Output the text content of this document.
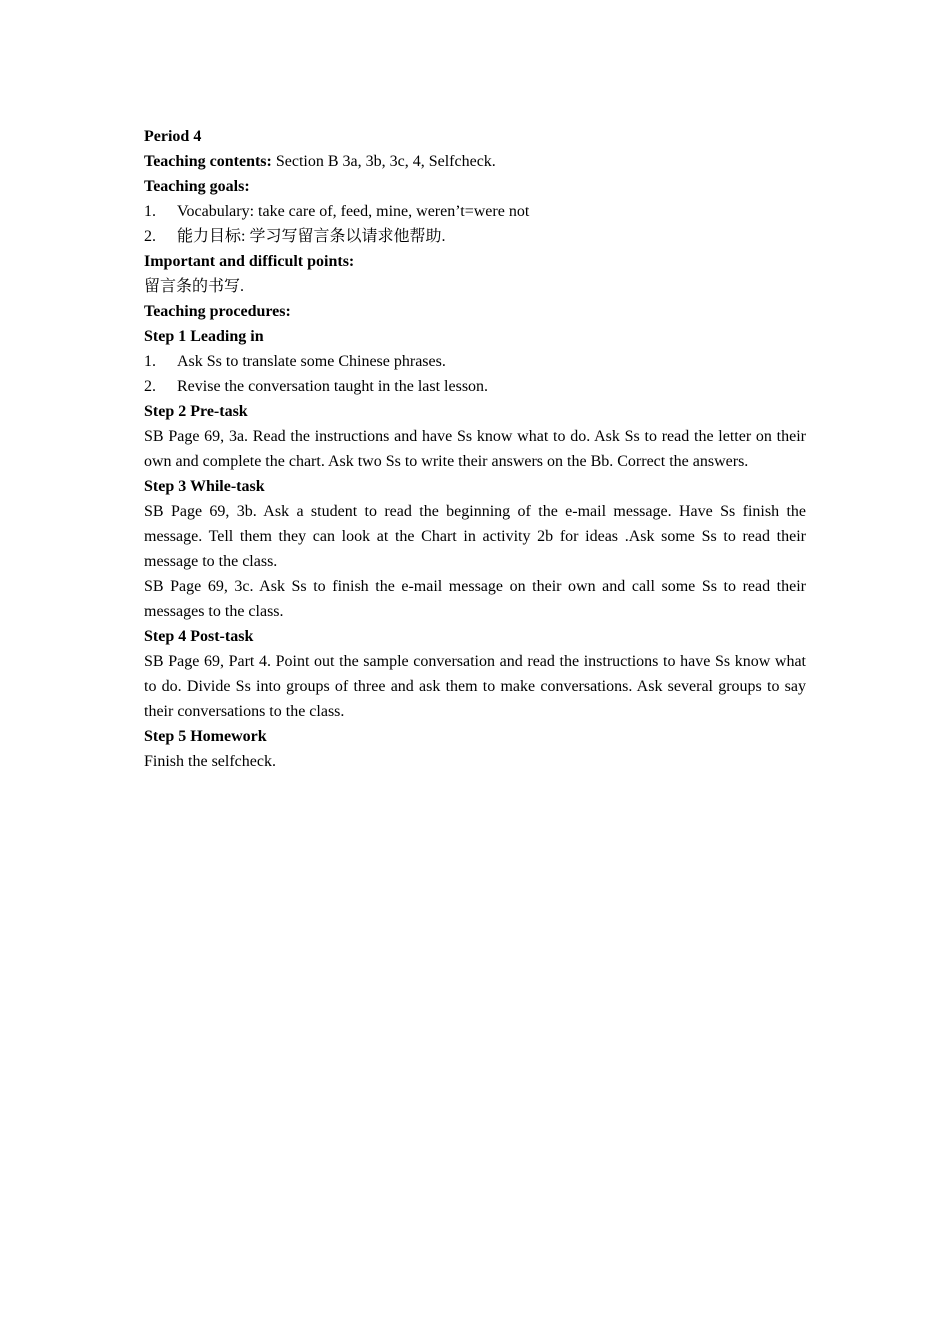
Period 4

Teaching contents: Section B 3a, 3b, 3c, 4, Selfcheck.

Teaching goals:

1.	Vocabulary: take care of, feed, mine, weren’t=were not
2.	能力目标: 学习写留言条以请求他帮助.

Important and difficult points:

留言条的书写.

Teaching procedures:

Step 1 Leading in

1.	Ask Ss to translate some Chinese phrases.
2.	Revise the conversation taught in the last lesson.

Step 2 Pre-task

SB Page 69, 3a. Read the instructions and have Ss know what to do. Ask Ss to read the letter on their own and complete the chart. Ask two Ss to write their answers on the Bb. Correct the answers.

Step 3 While-task

SB Page 69, 3b. Ask a student to read the beginning of the e-mail message. Have Ss finish the message. Tell them they can look at the Chart in activity 2b for ideas .Ask some Ss to read their message to the class.

SB Page 69, 3c. Ask Ss to finish the e-mail message on their own and call some Ss to read their messages to the class.

Step 4 Post-task

SB Page 69, Part 4. Point out the sample conversation and read the instructions to have Ss know what to do. Divide Ss into groups of three and ask them to make conversations. Ask several groups to say their conversations to the class.

Step 5 Homework

Finish the selfcheck.
